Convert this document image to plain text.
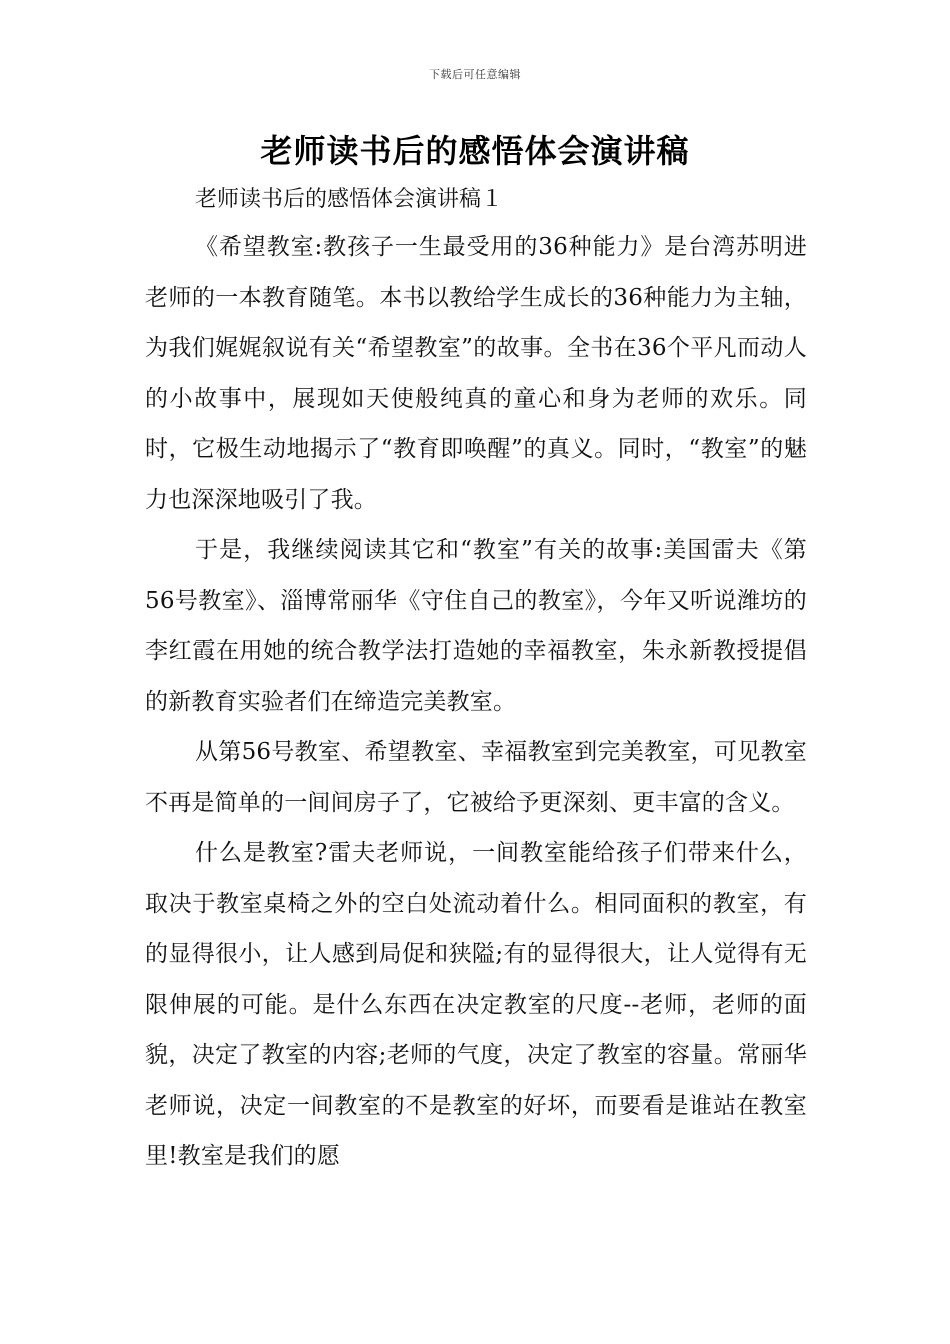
下载后可任意编辑
老师读书后的感悟体会演讲稿

老师读书后的感悟体会演讲稿１

《希望教室:教孩子一生最受用的36种能力》是台湾苏明进老师的一本教育随笔。本书以教给学生成长的36种能力为主轴，为我们娓娓叙说有关“希望教室”的故事。全书在36个平凡而动人的小故事中，展现如天使般纯真的童心和身为老师的欢乐。同时，它极生动地揭示了“教育即唤醒”的真义。同时，“教室”的魅力也深深地吸引了我。

于是，我继续阅读其它和“教室”有关的故事:美国雷夫《第56号教室》、淄博常丽华《守住自己的教室》，今年又听说潍坊的李红霞在用她的统合教学法打造她的幸福教室，朱永新教授提倡的新教育实验者们在缔造完美教室。

从第56号教室、希望教室、幸福教室到完美教室，可见教室不再是简单的一间间房子了，它被给予更深刻、更丰富的含义。

什么是教室?雷夫老师说，一间教室能给孩子们带来什么，取决于教室桌椅之外的空白处流动着什么。相同面积的教室，有的显得很小，让人感到局促和狭隘;有的显得很大，让人觉得有无限伸展的可能。是什么东西在决定教室的尺度--老师，老师的面貌，决定了教室的内容;老师的气度，决定了教室的容量。常丽华老师说，决定一间教室的不是教室的好坏，而要看是谁站在教室里!教室是我们的愿
